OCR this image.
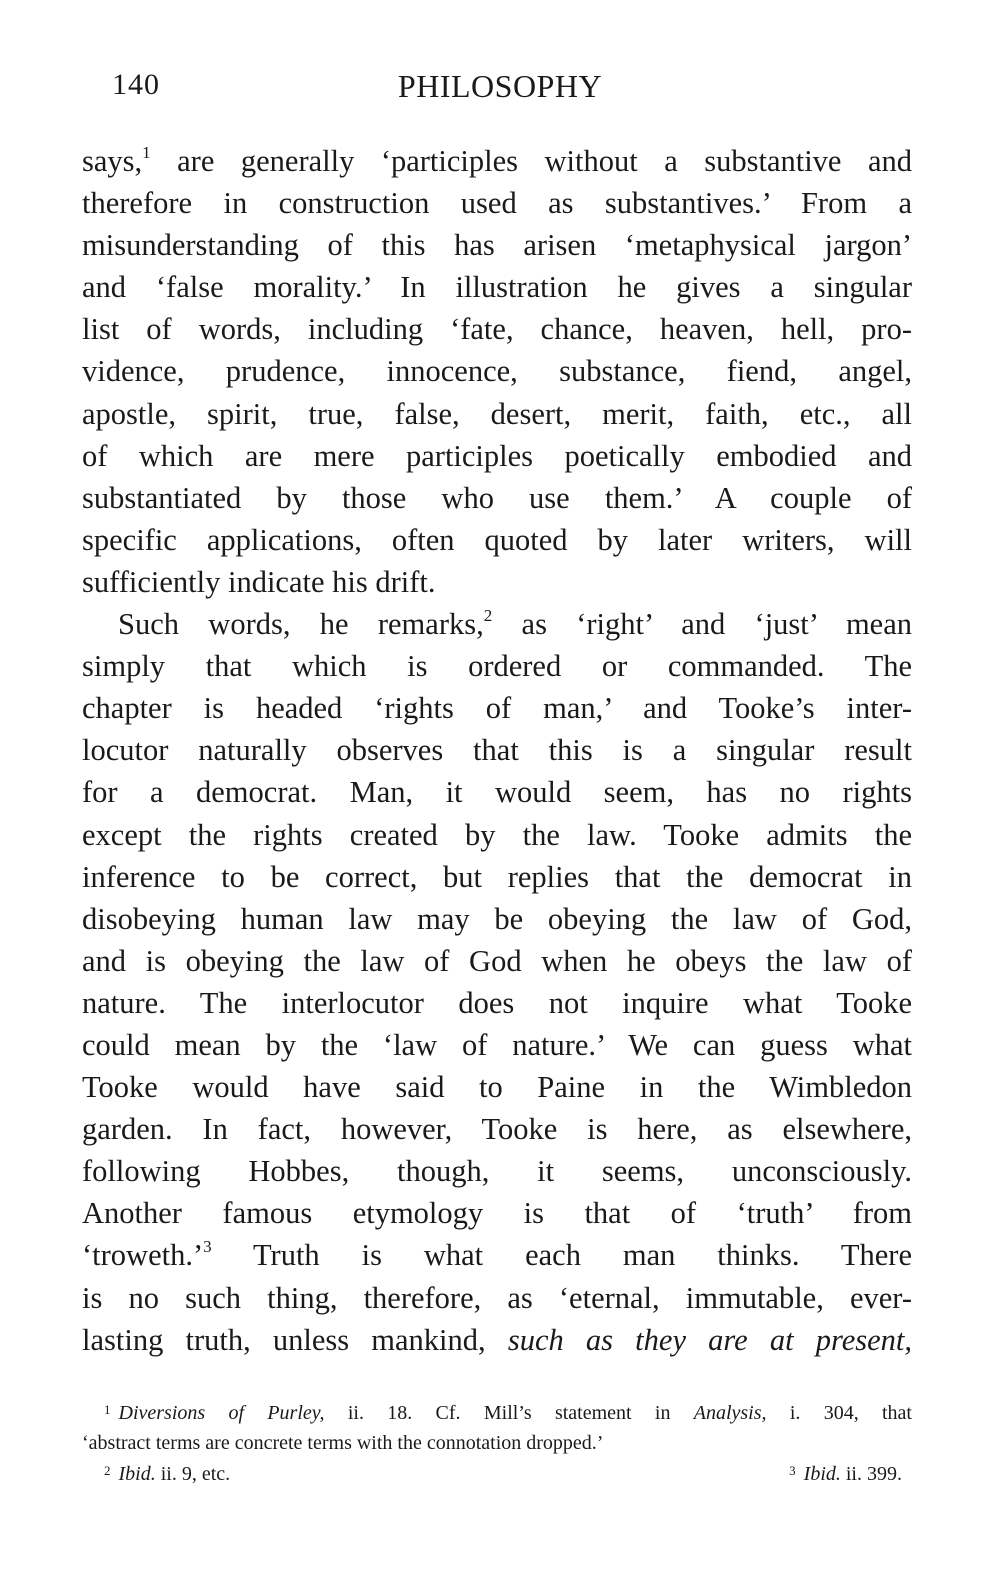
140	PHILOSOPHY
says,$^1$ are generally ‘participles without a substantive and
therefore in construction used as substantives.’ From a
misunderstanding of this has arisen ‘metaphysical jargon’
and ‘false morality.’ In illustration he gives a singular
list of words, including ‘fate, chance, heaven, hell, pro-
vidence, prudence, innocence, substance, fiend, angel,
apostle, spirit, true, false, desert, merit, faith, etc., all
of which are mere participles poetically embodied and
substantiated by those who use them.’ A couple of
specific applications, often quoted by later writers, will
sufficiently indicate his drift.
Such words, he remarks,$^2$ as ‘right’ and ‘just’ mean
simply that which is ordered or commanded. The
chapter is headed ‘rights of man,’ and Tooke’s inter-
locutor naturally observes that this is a singular result
for a democrat. Man, it would seem, has no rights
except the rights created by the law. Tooke admits the
inference to be correct, but replies that the democrat in
disobeying human law may be obeying the law of God,
and is obeying the law of God when he obeys the law of
nature. The interlocutor does not inquire what Tooke
could mean by the ‘law of nature.’ We can guess what
Tooke would have said to Paine in the Wimbledon
garden. In fact, however, Tooke is here, as elsewhere,
following Hobbes, though, it seems, unconsciously.
Another famous etymology is that of ‘truth’ from
‘troweth.’$^3$ Truth is what each man thinks. There
is no such thing, therefore, as ‘eternal, immutable, ever-
lasting truth, unless mankind, such as they are at present,
$^1$ Diversions of Purley, ii. 18. Cf. Mill’s statement in Analysis, i. 304, that
‘abstract terms are concrete terms with the connotation dropped.’
$^2$ Ibid. ii. 9, etc.	$^3$ Ibid. ii. 399.
